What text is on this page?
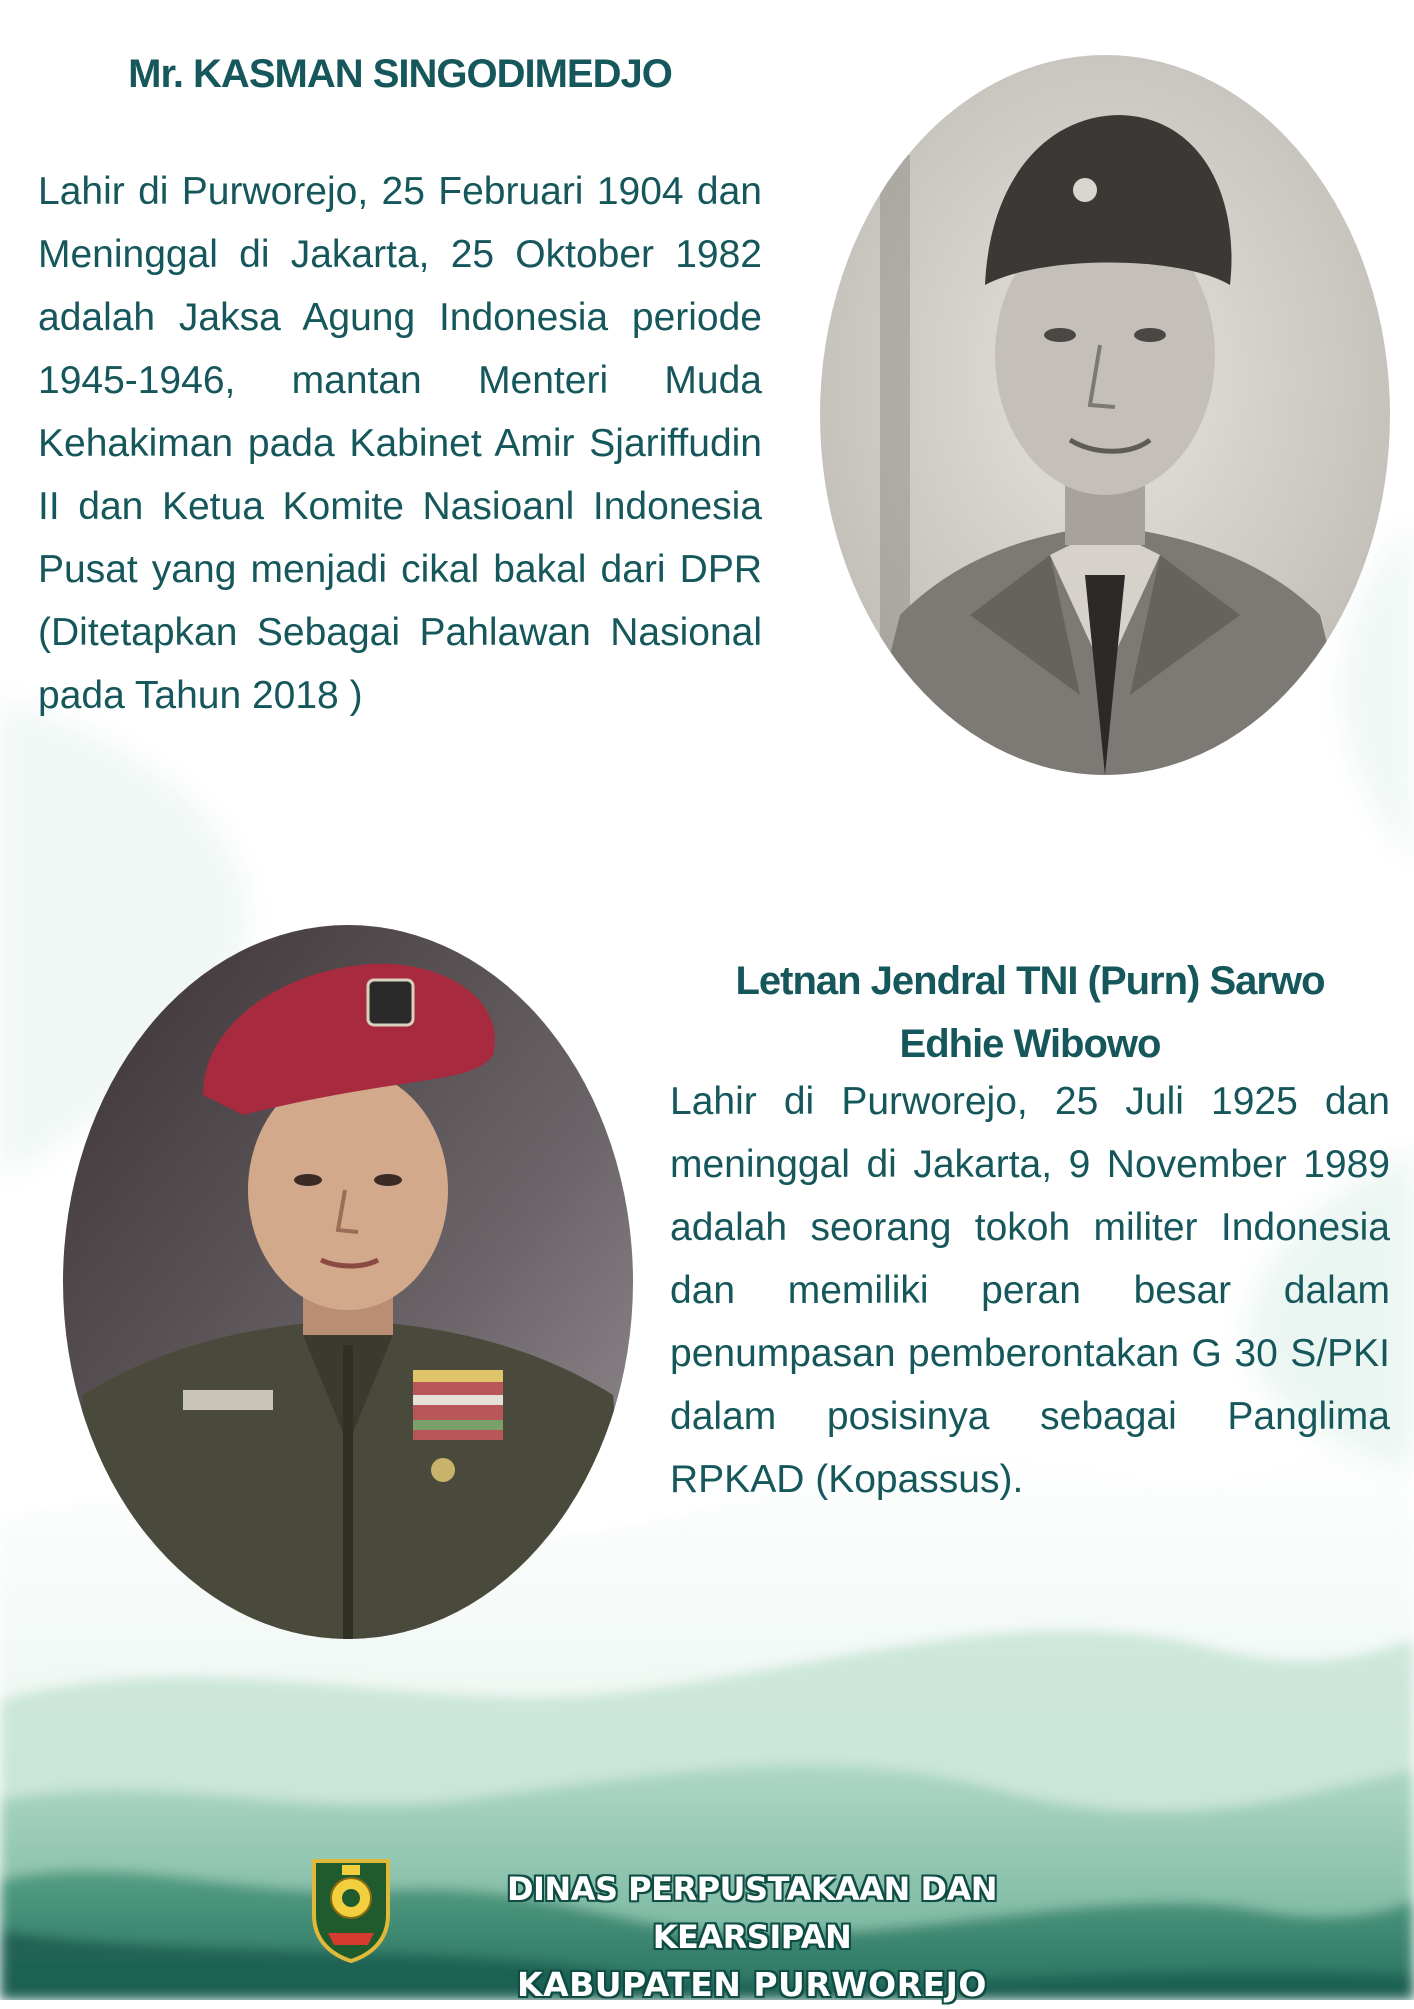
Mr. KASMAN SINGODIMEDJO
Lahir di Purworejo, 25 Februari 1904 dan Meninggal di Jakarta, 25 Oktober 1982 adalah Jaksa Agung Indonesia periode 1945-1946, mantan Menteri Muda Kehakiman pada Kabinet Amir Sjariffudin II dan Ketua Komite Nasioanl Indonesia Pusat yang menjadi cikal bakal dari DPR (Ditetapkan Sebagai Pahlawan Nasional pada Tahun 2018 )
Letnan Jendral TNI (Purn) Sarwo Edhie Wibowo
Lahir di Purworejo, 25 Juli 1925 dan meninggal di Jakarta, 9 November 1989 adalah seorang tokoh militer Indonesia dan memiliki peran besar dalam penumpasan pemberontakan G 30 S/PKI dalam posisinya sebagai Panglima RPKAD (Kopassus).
DINAS PERPUSTAKAAN DAN KEARSIPAN
KABUPATEN PURWOREJO
